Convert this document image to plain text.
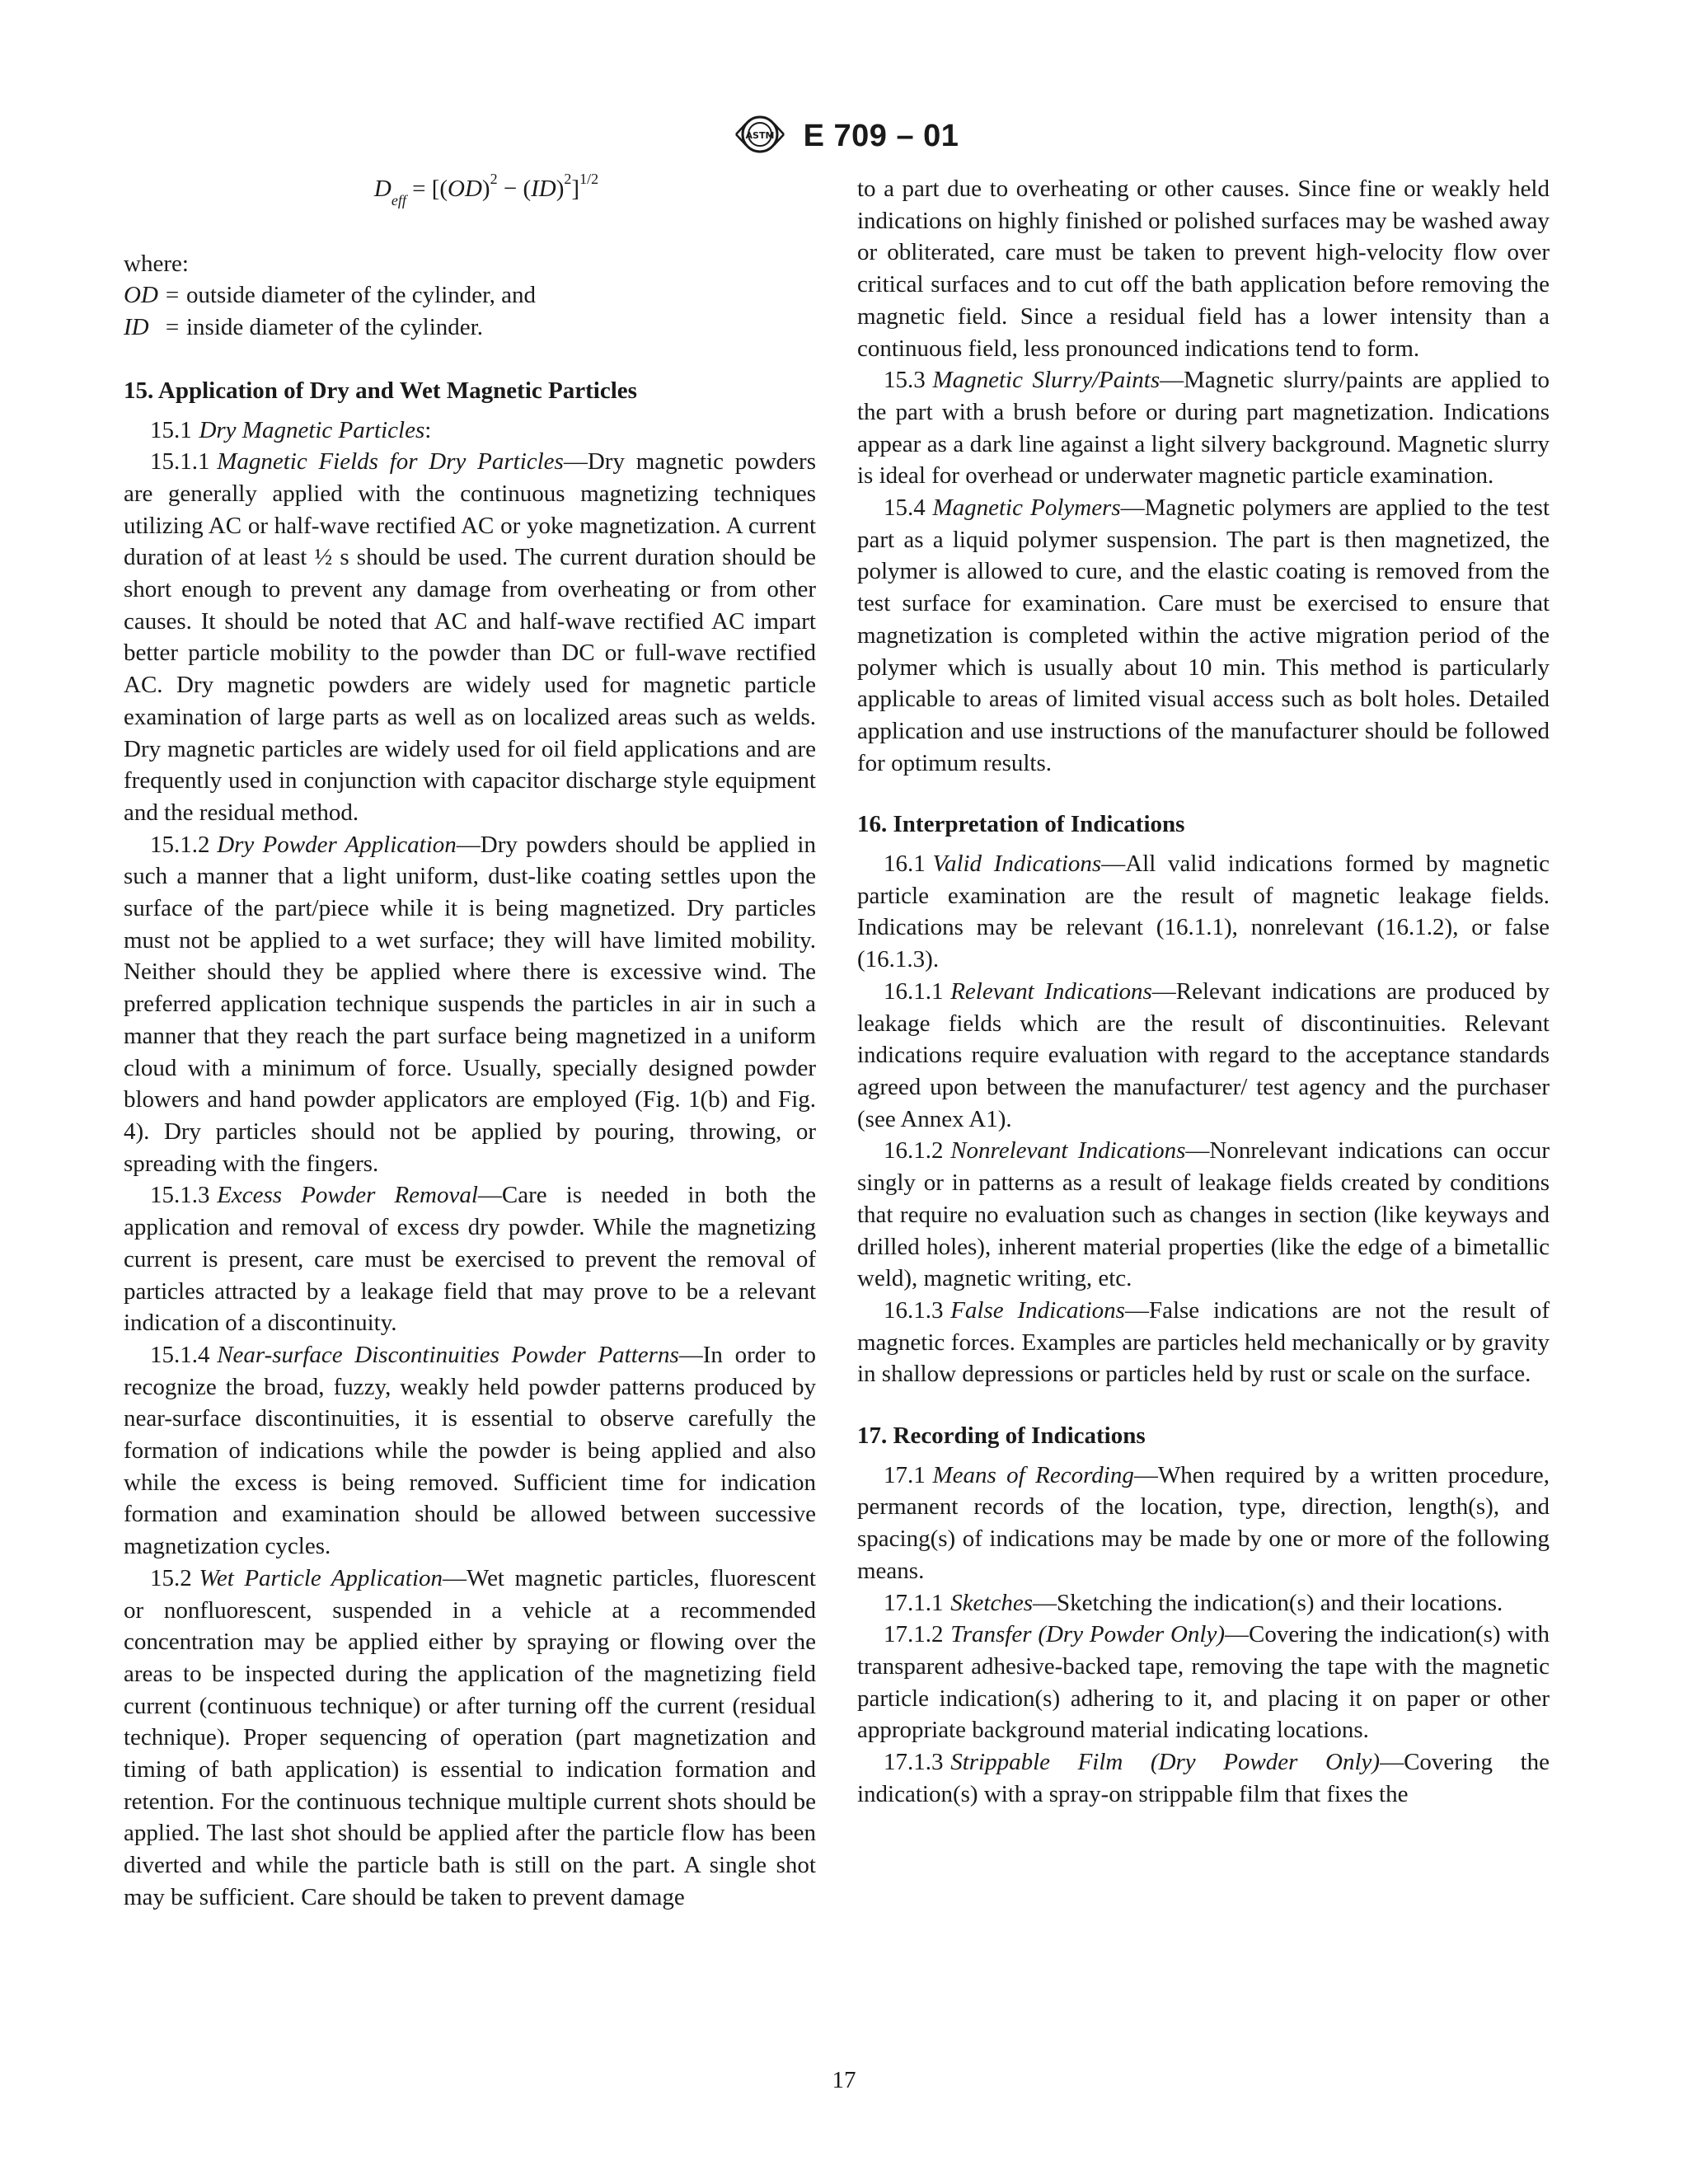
ASTM E 709 – 01

$D_{eff} = [(OD)^2 - (ID)^2]^{1/2}$

where:

OD = outside diameter of the cylinder, and
ID = inside diameter of the cylinder.

15. Application of Dry and Wet Magnetic Particles

15.1 Dry Magnetic Particles:

15.1.1 Magnetic Fields for Dry Particles—Dry magnetic powders are generally applied with the continuous magnetizing techniques utilizing AC or half-wave rectified AC or yoke magnetization. A current duration of at least ½ s should be used. The current duration should be short enough to prevent any damage from overheating or from other causes. It should be noted that AC and half-wave rectified AC impart better particle mobility to the powder than DC or full-wave rectified AC. Dry magnetic powders are widely used for magnetic particle examination of large parts as well as on localized areas such as welds. Dry magnetic particles are widely used for oil field applications and are frequently used in conjunction with capacitor discharge style equipment and the residual method.

15.1.2 Dry Powder Application—Dry powders should be applied in such a manner that a light uniform, dust-like coating settles upon the surface of the part/piece while it is being magnetized. Dry particles must not be applied to a wet surface; they will have limited mobility. Neither should they be applied where there is excessive wind. The preferred application technique suspends the particles in air in such a manner that they reach the part surface being magnetized in a uniform cloud with a minimum of force. Usually, specially designed powder blowers and hand powder applicators are employed (Fig. 1(b) and Fig. 4). Dry particles should not be applied by pouring, throwing, or spreading with the fingers.

15.1.3 Excess Powder Removal—Care is needed in both the application and removal of excess dry powder. While the magnetizing current is present, care must be exercised to prevent the removal of particles attracted by a leakage field that may prove to be a relevant indication of a discontinuity.

15.1.4 Near-surface Discontinuities Powder Patterns—In order to recognize the broad, fuzzy, weakly held powder patterns produced by near-surface discontinuities, it is essential to observe carefully the formation of indications while the powder is being applied and also while the excess is being removed. Sufficient time for indication formation and examination should be allowed between successive magnetization cycles.

15.2 Wet Particle Application—Wet magnetic particles, fluorescent or nonfluorescent, suspended in a vehicle at a recommended concentration may be applied either by spraying or flowing over the areas to be inspected during the application of the magnetizing field current (continuous technique) or after turning off the current (residual technique). Proper sequencing of operation (part magnetization and timing of bath application) is essential to indication formation and retention. For the continuous technique multiple current shots should be applied. The last shot should be applied after the particle flow has been diverted and while the particle bath is still on the part. A single shot may be sufficient. Care should be taken to prevent damage

to a part due to overheating or other causes. Since fine or weakly held indications on highly finished or polished surfaces may be washed away or obliterated, care must be taken to prevent high-velocity flow over critical surfaces and to cut off the bath application before removing the magnetic field. Since a residual field has a lower intensity than a continuous field, less pronounced indications tend to form.

15.3 Magnetic Slurry/Paints—Magnetic slurry/paints are applied to the part with a brush before or during part magnetization. Indications appear as a dark line against a light silvery background. Magnetic slurry is ideal for overhead or underwater magnetic particle examination.

15.4 Magnetic Polymers—Magnetic polymers are applied to the test part as a liquid polymer suspension. The part is then magnetized, the polymer is allowed to cure, and the elastic coating is removed from the test surface for examination. Care must be exercised to ensure that magnetization is completed within the active migration period of the polymer which is usually about 10 min. This method is particularly applicable to areas of limited visual access such as bolt holes. Detailed application and use instructions of the manufacturer should be followed for optimum results.

16. Interpretation of Indications

16.1 Valid Indications—All valid indications formed by magnetic particle examination are the result of magnetic leakage fields. Indications may be relevant (16.1.1), nonrelevant (16.1.2), or false (16.1.3).

16.1.1 Relevant Indications—Relevant indications are produced by leakage fields which are the result of discontinuities. Relevant indications require evaluation with regard to the acceptance standards agreed upon between the manufacturer/ test agency and the purchaser (see Annex A1).

16.1.2 Nonrelevant Indications—Nonrelevant indications can occur singly or in patterns as a result of leakage fields created by conditions that require no evaluation such as changes in section (like keyways and drilled holes), inherent material properties (like the edge of a bimetallic weld), magnetic writing, etc.

16.1.3 False Indications—False indications are not the result of magnetic forces. Examples are particles held mechanically or by gravity in shallow depressions or particles held by rust or scale on the surface.

17. Recording of Indications

17.1 Means of Recording—When required by a written procedure, permanent records of the location, type, direction, length(s), and spacing(s) of indications may be made by one or more of the following means.

17.1.1 Sketches—Sketching the indication(s) and their locations.

17.1.2 Transfer (Dry Powder Only)—Covering the indication(s) with transparent adhesive-backed tape, removing the tape with the magnetic particle indication(s) adhering to it, and placing it on paper or other appropriate background material indicating locations.

17.1.3 Strippable Film (Dry Powder Only)—Covering the indication(s) with a spray-on strippable film that fixes the

17
